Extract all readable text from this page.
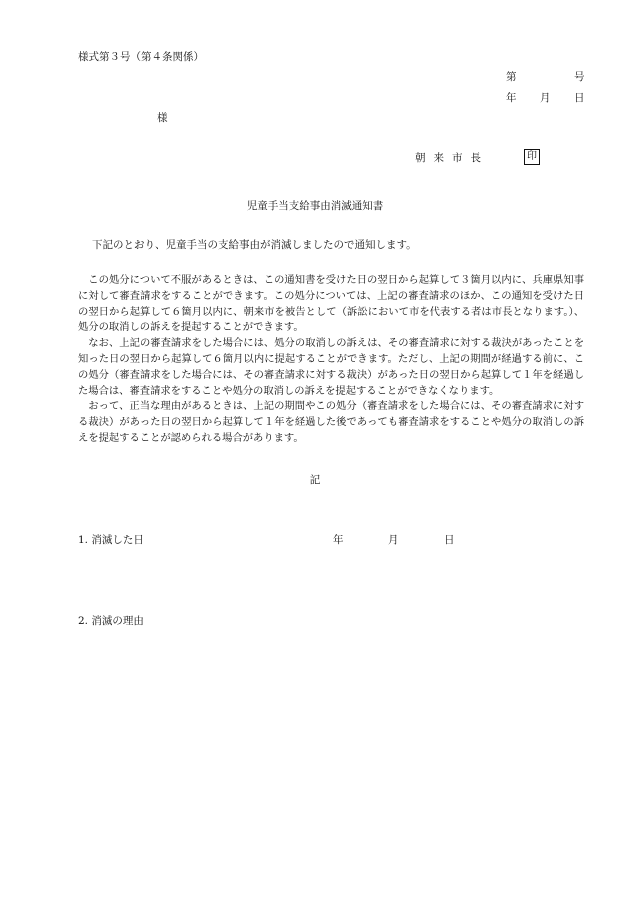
様式第３号（第４条関係）
第	号
年 月 日
様
朝来市長	印
児童手当支給事由消滅通知書
下記のとおり、児童手当の支給事由が消滅しましたので通知します。

この処分について不服があるときは、この通知書を受けた日の翌日から起算して３箇月以内に、兵庫県知事に対して審査請求をすることができます。この処分については、上記の審査請求のほか、この通知を受けた日の翌日から起算して６箇月以内に、朝来市を被告として（訴訟において市を代表する者は市長となります。）、処分の取消しの訴えを提起することができます。

なお、上記の審査請求をした場合には、処分の取消しの訴えは、その審査請求に対する裁決があったことを知った日の翌日から起算して６箇月以内に提起することができます。ただし、上記の期間が経過する前に、この処分（審査請求をした場合には、その審査請求に対する裁決）があった日の翌日から起算して１年を経過した場合は、審査請求をすることや処分の取消しの訴えを提起することができなくなります。

おって、正当な理由があるときは、上記の期間やこの処分（審査請求をした場合には、その審査請求に対する裁決）があった日の翌日から起算して１年を経過した後であっても審査請求をすることや処分の取消しの訴えを提起することが認められる場合があります。

記
1. 消滅した日	年	月	日
2. 消滅の理由
